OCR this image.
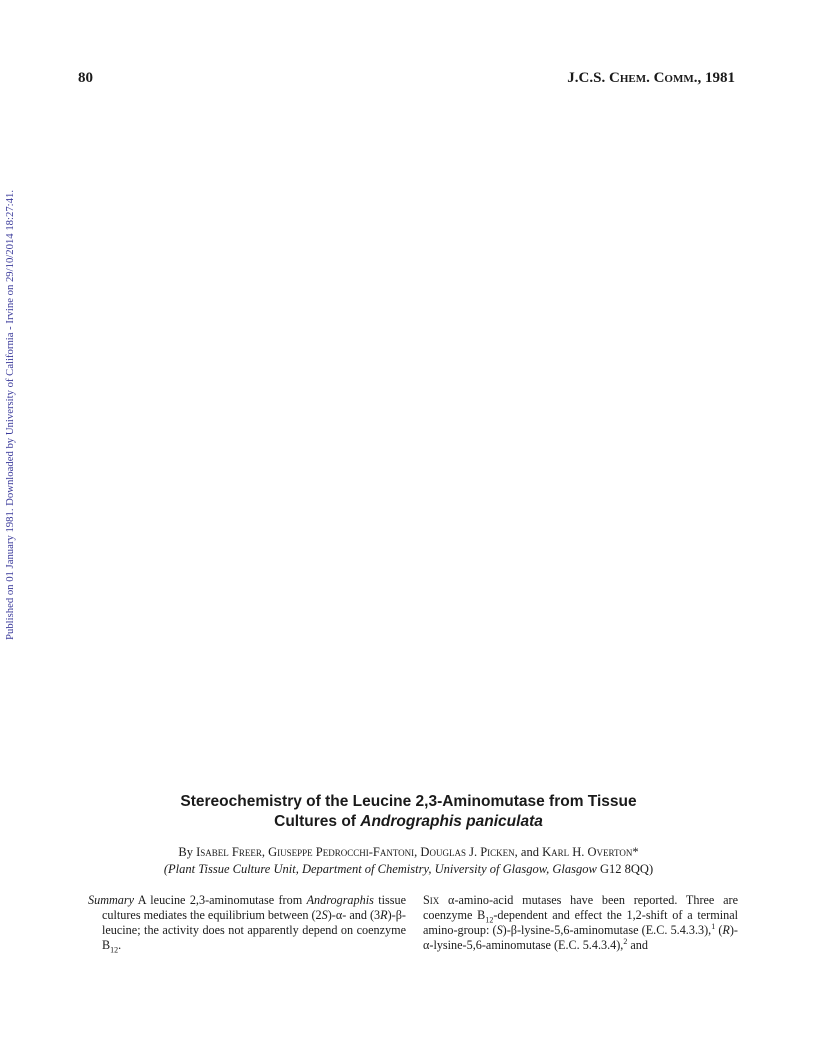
80	J.C.S. Chem. Comm., 1981
Published on 01 January 1981. Downloaded by University of California - Irvine on 29/10/2014 18:27:41.
Stereochemistry of the Leucine 2,3-Aminomutase from Tissue
Cultures of Andrographis paniculata
By Isabel Freer, Giuseppe Pedrocchi-Fantoni, Douglas J. Picken, and Karl H. Overton*
(Plant Tissue Culture Unit, Department of Chemistry, University of Glasgow, Glasgow G12 8QQ)

Summary A leucine 2,3-aminomutase from Andrographis tissue cultures mediates the equilibrium between (2S)-α- and (3R)-β-leucine; the activity does not apparently depend on coenzyme $B_{12}$.

Six α-amino-acid mutases have been reported. Three are coenzyme $B_{12}$-dependent and effect the 1,2-shift of a terminal amino-group: (S)-β-lysine-5,6-aminomutase (E.C. 5.4.3.3),$^1$ (R)-α-lysine-5,6-aminomutase (E.C. 5.4.3.4),$^2$ and
